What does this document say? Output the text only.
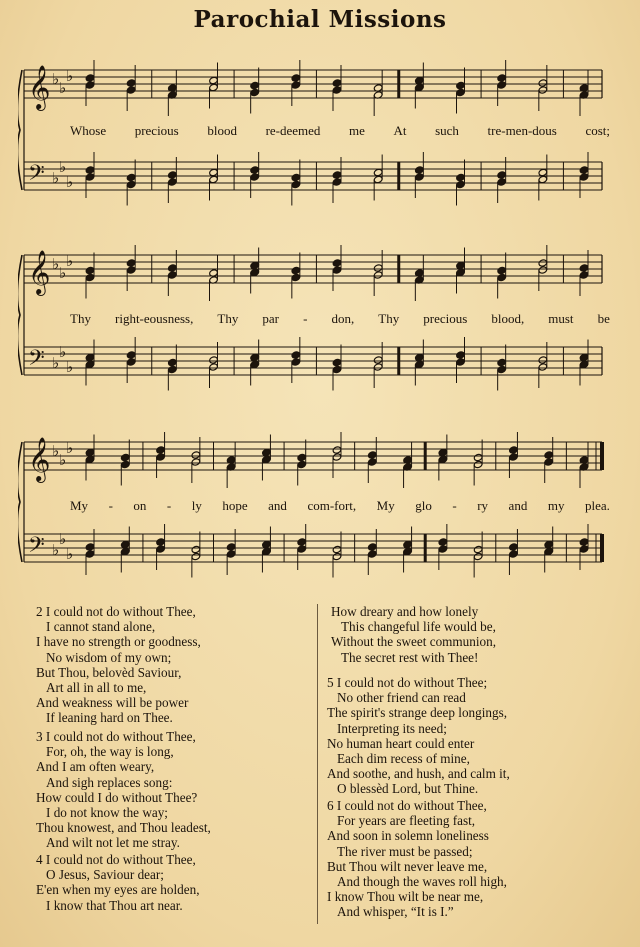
Parochial Missions
𝄞
𝄢
♭
♭
♭
♭
♭
♭
Whose precious blood re-deemed me At such tre-men-dous cost;
𝄞
𝄢
♭
♭
♭
♭
♭
♭
Thy right-eousness, Thy par - don, Thy precious blood, must be
𝄞
𝄢
♭
♭
♭
♭
♭
♭
My - on - ly hope and com-fort, My glo - ry and my plea.
2 I could not do without Thee,
I cannot stand alone,
I have no strength or goodness,
No wisdom of my own;
But Thou, belovèd Saviour,
Art all in all to me,
And weakness will be power
If leaning hard on Thee.
3 I could not do without Thee,
For, oh, the way is long,
And I am often weary,
And sigh replaces song:
How could I do without Thee?
I do not know the way;
Thou knowest, and Thou leadest,
And wilt not let me stray.
4 I could not do without Thee,
O Jesus, Saviour dear;
E'en when my eyes are holden,
I know that Thou art near.
How dreary and how lonely
This changeful life would be,
Without the sweet communion,
The secret rest with Thee!
5 I could not do without Thee;
No other friend can read
The spirit's strange deep longings,
Interpreting its need;
No human heart could enter
Each dim recess of mine,
And soothe, and hush, and calm it,
O blessèd Lord, but Thine.
6 I could not do without Thee,
For years are fleeting fast,
And soon in solemn loneliness
The river must be passed;
But Thou wilt never leave me,
And though the waves roll high,
I know Thou wilt be near me,
And whisper, “It is I.”
